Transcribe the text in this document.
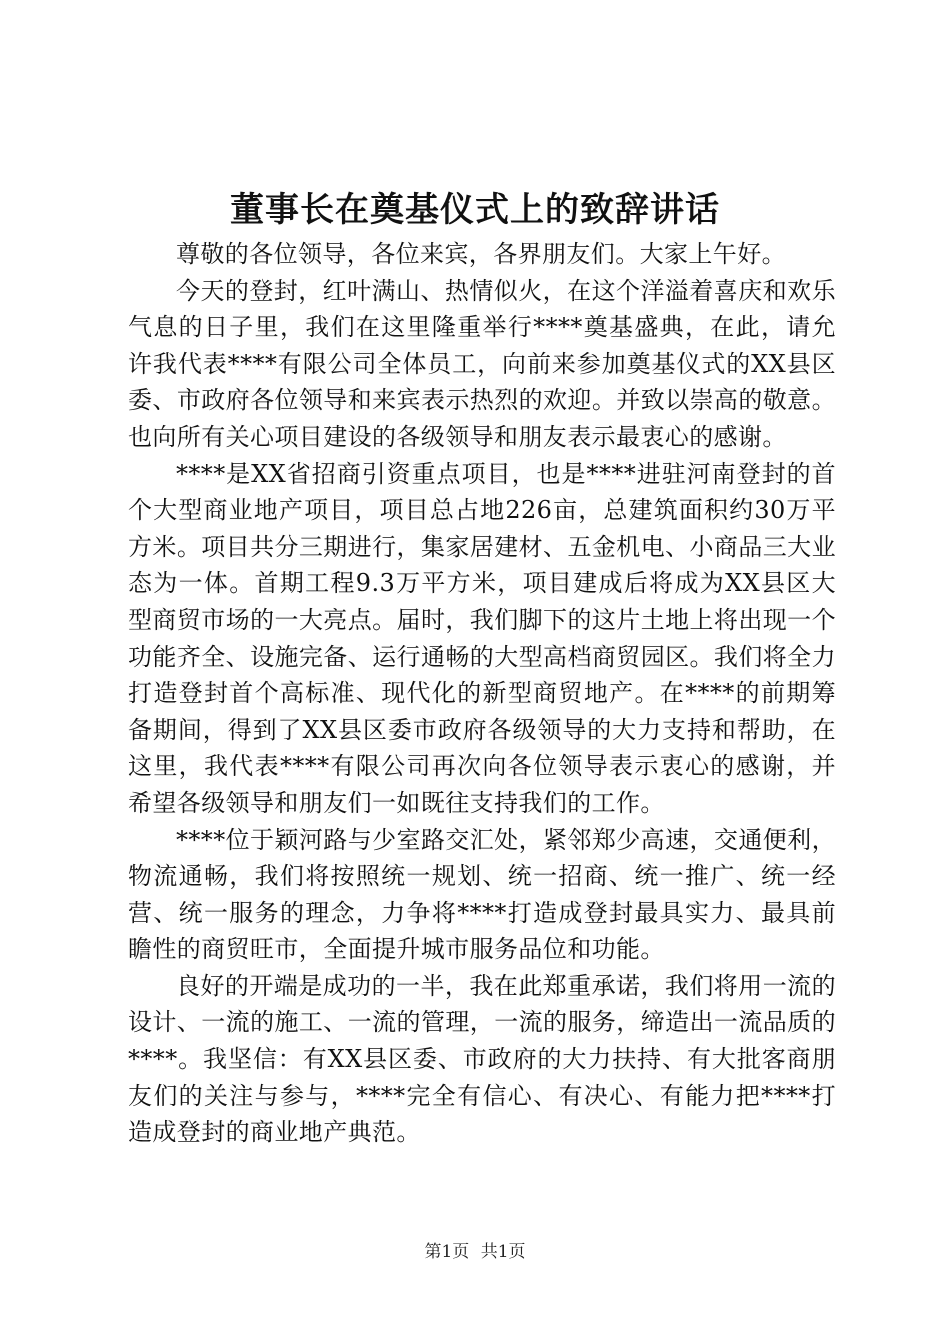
董事长在奠基仪式上的致辞讲话

尊敬的各位领导，各位来宾，各界朋友们。大家上午好。

今天的登封，红叶满山、热情似火，在这个洋溢着喜庆和欢乐气息的日子里，我们在这里隆重举行****奠基盛典，在此，请允许我代表****有限公司全体员工，向前来参加奠基仪式的XX县区委、市政府各位领导和来宾表示热烈的欢迎。并致以崇高的敬意。也向所有关心项目建设的各级领导和朋友表示最衷心的感谢。

****是XX省招商引资重点项目，也是****进驻河南登封的首个大型商业地产项目，项目总占地226亩，总建筑面积约30万平方米。项目共分三期进行，集家居建材、五金机电、小商品三大业态为一体。首期工程9.3万平方米，项目建成后将成为XX县区大型商贸市场的一大亮点。届时，我们脚下的这片土地上将出现一个功能齐全、设施完备、运行通畅的大型高档商贸园区。我们将全力打造登封首个高标准、现代化的新型商贸地产。在****的前期筹备期间，得到了XX县区委市政府各级领导的大力支持和帮助，在这里，我代表****有限公司再次向各位领导表示衷心的感谢，并希望各级领导和朋友们一如既往支持我们的工作。

****位于颖河路与少室路交汇处，紧邻郑少高速，交通便利，物流通畅，我们将按照统一规划、统一招商、统一推广、统一经营、统一服务的理念，力争将****打造成登封最具实力、最具前瞻性的商贸旺市，全面提升城市服务品位和功能。

良好的开端是成功的一半，我在此郑重承诺，我们将用一流的设计、一流的施工、一流的管理，一流的服务，缔造出一流品质的****。我坚信：有XX县区委、市政府的大力扶持、有大批客商朋友们的关注与参与，****完全有信心、有决心、有能力把****打造成登封的商业地产典范。

第1页 共1页
